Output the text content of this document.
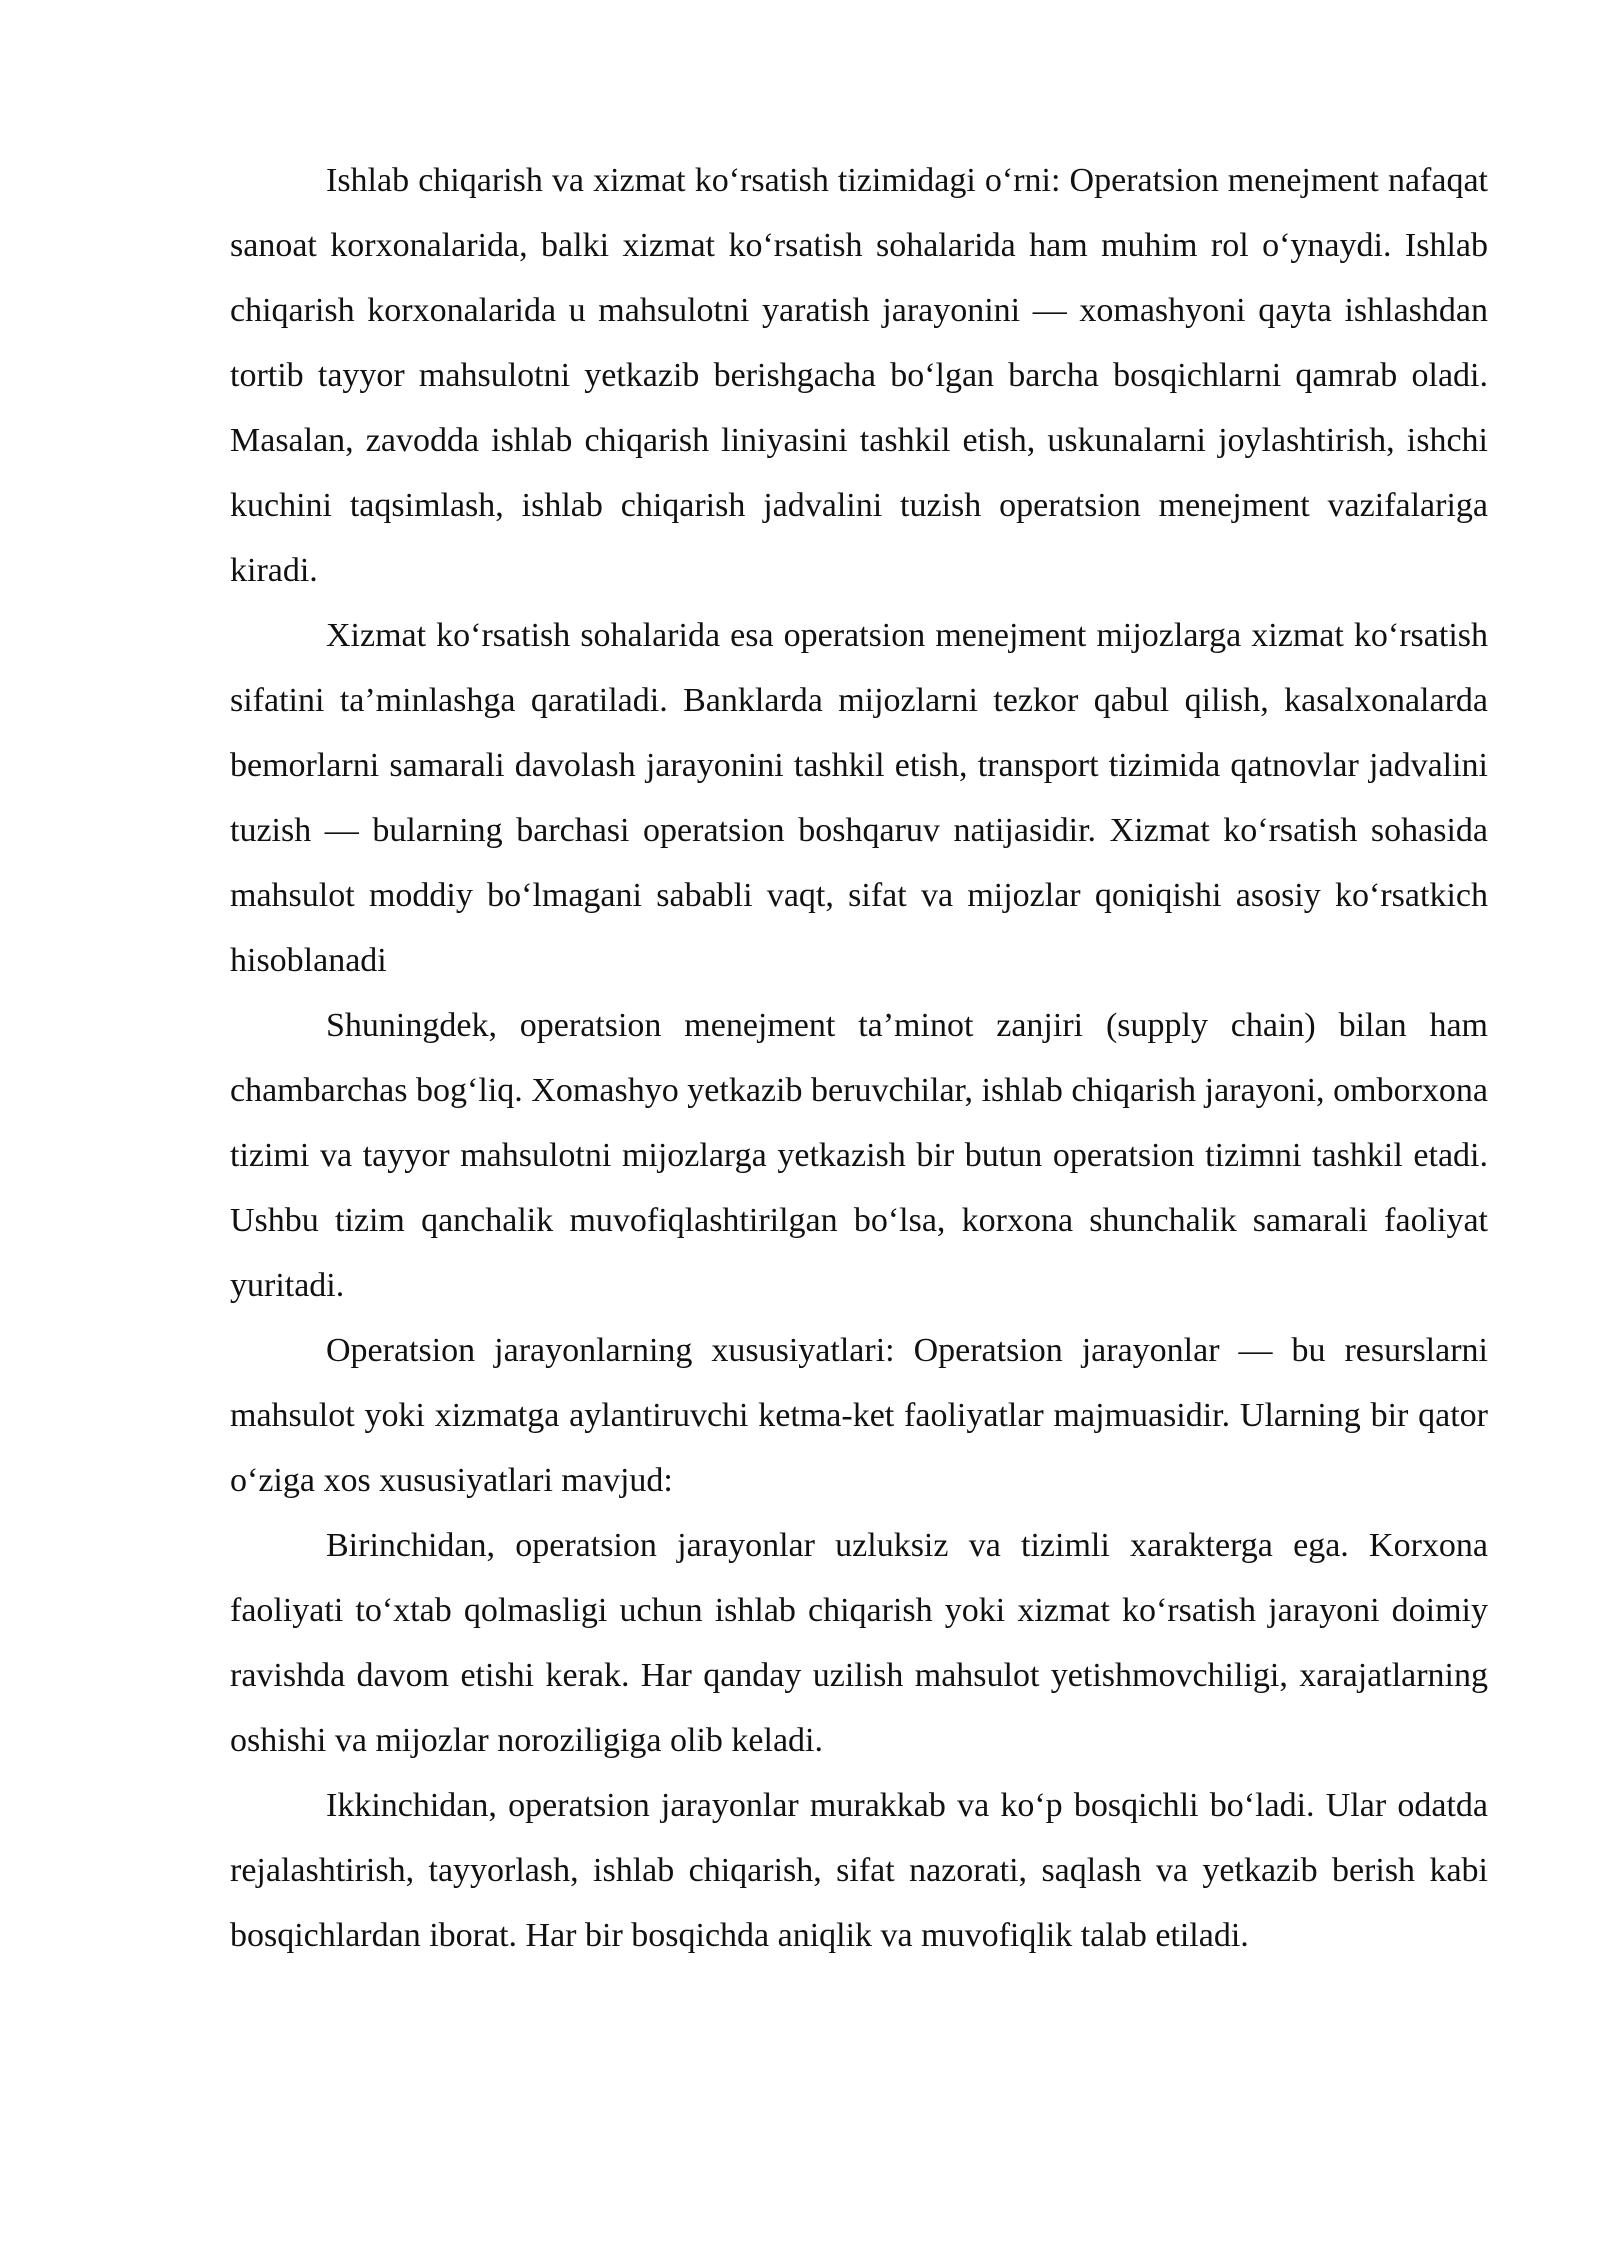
Ishlab chiqarish va xizmat ko‘rsatish tizimidagi o‘rni: Operatsion menejment nafaqat sanoat korxonalarida, balki xizmat ko‘rsatish sohalarida ham muhim rol o‘ynaydi. Ishlab chiqarish korxonalarida u mahsulotni yaratish jarayonini — xomashyoni qayta ishlashdan tortib tayyor mahsulotni yetkazib berishgacha bo‘lgan barcha bosqichlarni qamrab oladi. Masalan, zavodda ishlab chiqarish liniyasini tashkil etish, uskunalarni joylashtirish, ishchi kuchini taqsimlash, ishlab chiqarish jadvalini tuzish operatsion menejment vazifalariga kiradi.

Xizmat ko‘rsatish sohalarida esa operatsion menejment mijozlarga xizmat ko‘rsatish sifatini ta’minlashga qaratiladi. Banklarda mijozlarni tezkor qabul qilish, kasalxonalarda bemorlarni samarali davolash jarayonini tashkil etish, transport tizimida qatnovlar jadvalini tuzish — bularning barchasi operatsion boshqaruv natijasidir. Xizmat ko‘rsatish sohasida mahsulot moddiy bo‘lmagani sababli vaqt, sifat va mijozlar qoniqishi asosiy ko‘rsatkich hisoblanadi

Shuningdek, operatsion menejment ta’minot zanjiri (supply chain) bilan ham chambarchas bog‘liq. Xomashyo yetkazib beruvchilar, ishlab chiqarish jarayoni, omborxona tizimi va tayyor mahsulotni mijozlarga yetkazish bir butun operatsion tizimni tashkil etadi. Ushbu tizim qanchalik muvofiqlashtirilgan bo‘lsa, korxona shunchalik samarali faoliyat yuritadi.

Operatsion jarayonlarning xususiyatlari: Operatsion jarayonlar — bu resurslarni mahsulot yoki xizmatga aylantiruvchi ketma-ket faoliyatlar majmuasidir. Ularning bir qator o‘ziga xos xususiyatlari mavjud:

Birinchidan, operatsion jarayonlar uzluksiz va tizimli xarakterga ega. Korxona faoliyati to‘xtab qolmasligi uchun ishlab chiqarish yoki xizmat ko‘rsatish jarayoni doimiy ravishda davom etishi kerak. Har qanday uzilish mahsulot yetishmovchiligi, xarajatlarning oshishi va mijozlar noroziligiga olib keladi.

Ikkinchidan, operatsion jarayonlar murakkab va ko‘p bosqichli bo‘ladi. Ular odatda rejalashtirish, tayyorlash, ishlab chiqarish, sifat nazorati, saqlash va yetkazib berish kabi bosqichlardan iborat. Har bir bosqichda aniqlik va muvofiqlik talab etiladi.
